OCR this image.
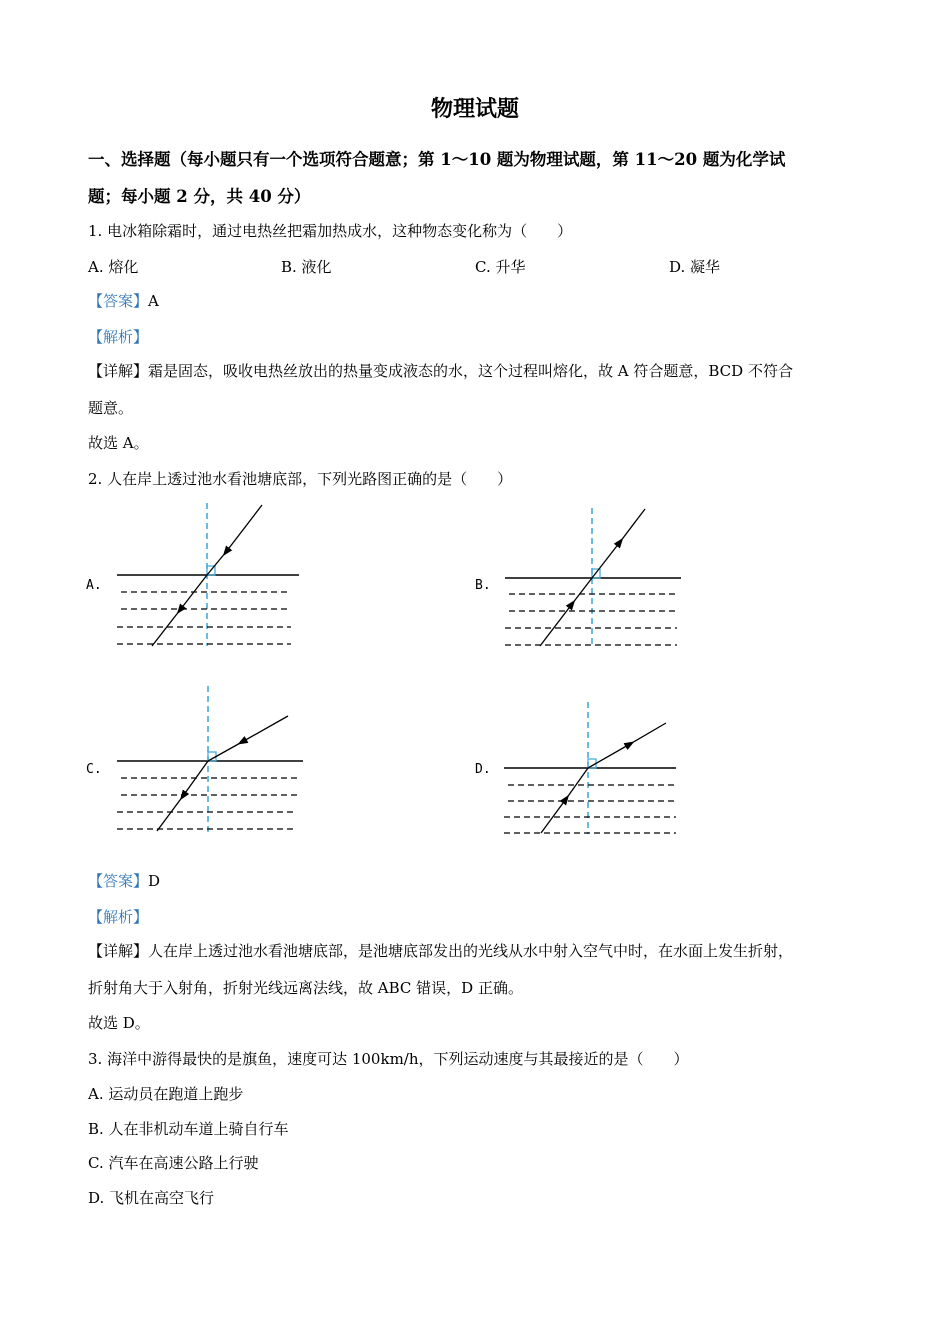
物理试题
一、选择题（每小题只有一个选项符合题意；第 1～10 题为物理试题，第 11～20 题为化学试
题；每小题 2 分，共 40 分）
1. 电冰箱除霜时，通过电热丝把霜加热成水，这种物态变化称为（　　）
A. 熔化	B. 液化	C. 升华	D. 凝华
【答案】A
【解析】
【详解】霜是固态，吸收电热丝放出的热量变成液态的水，这个过程叫熔化，故 A 符合题意，BCD 不符合
题意。
故选 A。
2. 人在岸上透过池水看池塘底部，下列光路图正确的是（　　）
A.	B.
C.	D.
【答案】D
【解析】
【详解】人在岸上透过池水看池塘底部，是池塘底部发出的光线从水中射入空气中时，在水面上发生折射，
折射角大于入射角，折射光线远离法线，故 ABC 错误，D 正确。
故选 D。
3. 海洋中游得最快的是旗鱼，速度可达 100km/h，下列运动速度与其最接近的是（　　）
A. 运动员在跑道上跑步
B. 人在非机动车道上骑自行车
C. 汽车在高速公路上行驶
D. 飞机在高空飞行
